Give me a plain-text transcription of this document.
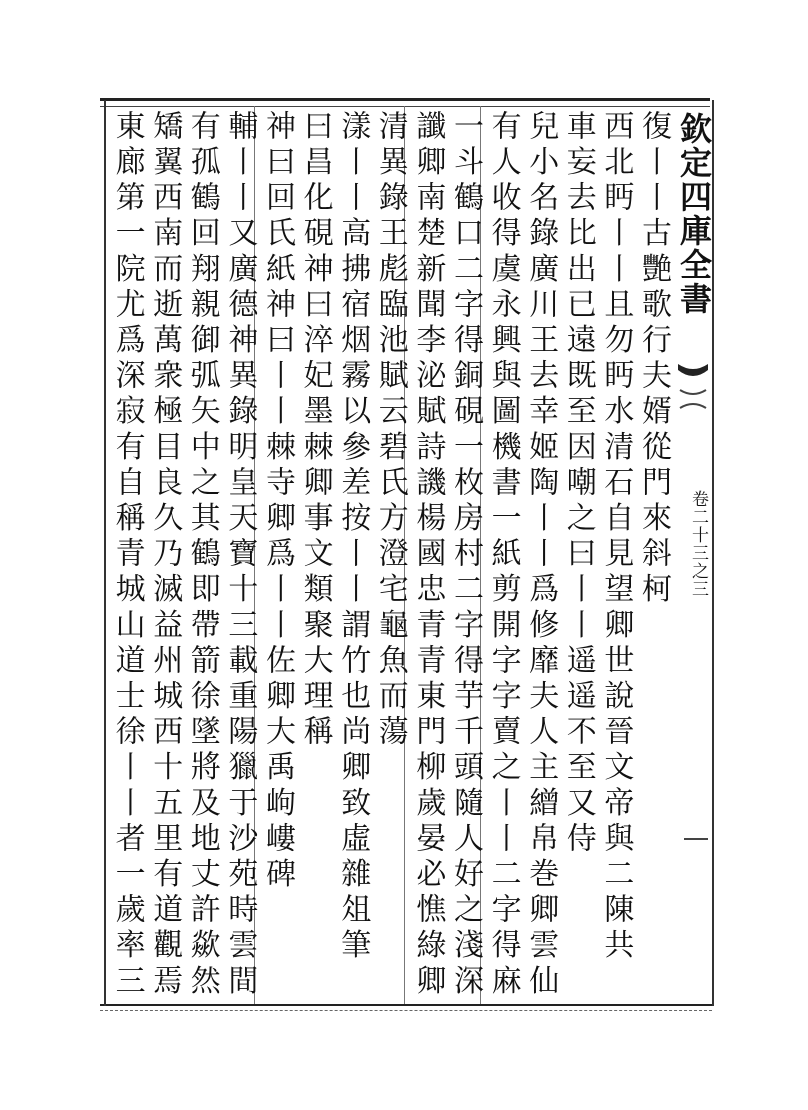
欽定四庫全書
卷二十三之三
復丨丨古艷歌行夫婿從門來斜柯
西北眄丨丨且勿眄水清石自見望卿世說晉文帝與二陳共
車妄去比出已遠既至因嘲之曰丨丨遥遥不至又侍
兒小名錄廣川王去幸姬陶丨丨爲修靡夫人主繒帛巻卿雲仙
有人收得虞永興與圖機書一紙剪開字字賣之丨丨二字得麻
一斗鶴口二字得銅硯一枚房村二字得芋千頭隨人好之淺深
讖卿南楚新聞李泌賦詩譏楊國忠青青東門柳歲晏必憔綠卿
清異錄王彪臨池賦云碧氏方澄宅龜魚而蕩
漾丨丨高拂宿烟霧以參差按丨丨謂竹也尚卿致虛雜俎筆
曰昌化硯神曰淬妃墨棘卿事文類聚大理稱
神曰回氏紙神曰丨丨棘寺卿爲丨丨佐卿大禹岣嶁碑
輔丨丨又廣德神異錄明皇天寶十三載重陽獵于沙苑時雲間
有孤鶴回翔親御弧矢中之其鶴即帶箭徐墜將及地丈許歘然
矯翼西南而逝萬衆極目良久乃滅益州城西十五里有道觀焉
東廊第一院尤爲深寂有自稱青城山道士徐丨丨者一歲率三
